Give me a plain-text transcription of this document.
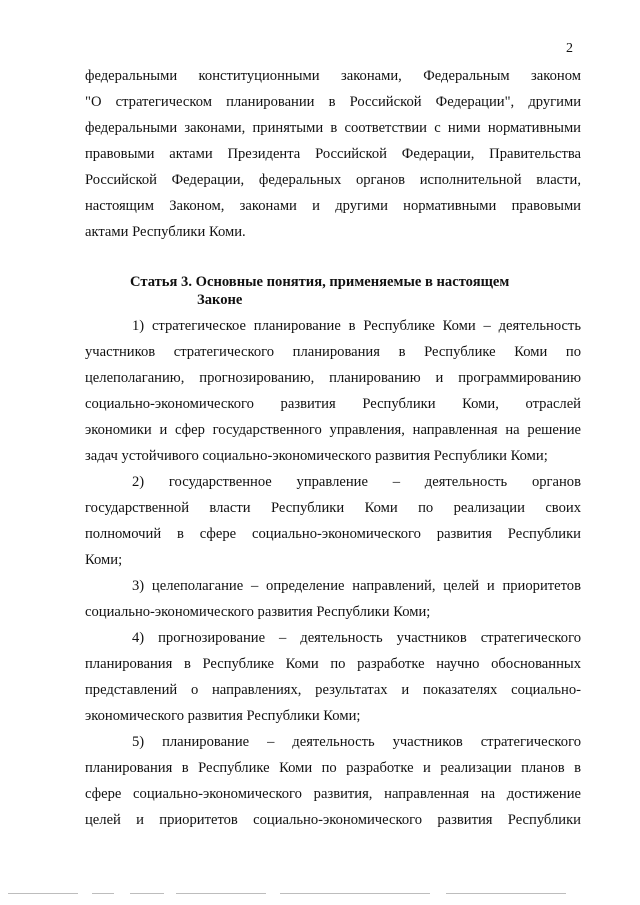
2
федеральными конституционными законами, Федеральным законом
"О стратегическом планировании в Российской Федерации", другими
федеральными законами, принятыми в соответствии с ними нормативными
правовыми актами Президента Российской Федерации, Правительства
Российской Федерации, федеральных органов исполнительной власти,
настоящим Законом, законами и другими нормативными правовыми
актами Республики Коми.
Статья 3. Основные понятия, применяемые в настоящем
Законе
1) стратегическое планирование в Республике Коми – деятельность
участников стратегического планирования в Республике Коми по
целеполаганию, прогнозированию, планированию и программированию
социально-экономического развития Республики Коми, отраслей
экономики и сфер государственного управления, направленная на решение
задач устойчивого социально-экономического развития Республики Коми;
2) государственное управление – деятельность органов
государственной власти Республики Коми по реализации своих
полномочий в сфере социально-экономического развития Республики
Коми;
3) целеполагание – определение направлений, целей и приоритетов
социально-экономического развития Республики Коми;
4) прогнозирование – деятельность участников стратегического
планирования в Республике Коми по разработке научно обоснованных
представлений о направлениях, результатах и показателях социально-
экономического развития Республики Коми;
5) планирование – деятельность участников стратегического
планирования в Республике Коми по разработке и реализации планов в
сфере социально-экономического развития, направленная на достижение
целей и приоритетов социально-экономического развития Республики
